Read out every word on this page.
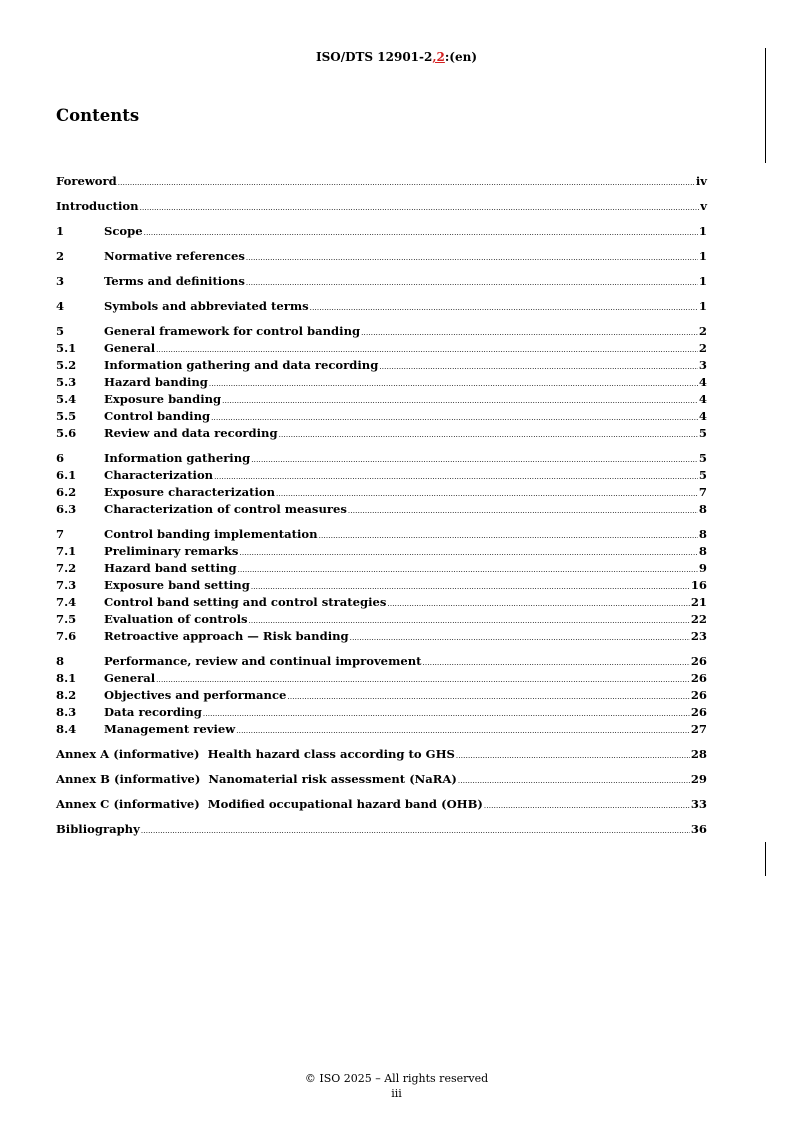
ISO/DTS 12901-2,2:(en)
Contents
Foreword .....	iv
Introduction .....	v
1	Scope .....	1
2	Normative references .....	1
3	Terms and definitions .....	1
4	Symbols and abbreviated terms .....	1
5	General framework for control banding .....	2
5.1	General .....	2
5.2	Information gathering and data recording .....	3
5.3	Hazard banding .....	4
5.4	Exposure banding .....	4
5.5	Control banding .....	4
5.6	Review and data recording .....	5
6	Information gathering .....	5
6.1	Characterization .....	5
6.2	Exposure characterization .....	7
6.3	Characterization of control measures .....	8
7	Control banding implementation .....	8
7.1	Preliminary remarks .....	8
7.2	Hazard band setting .....	9
7.3	Exposure band setting .....	16
7.4	Control band setting and control strategies .....	21
7.5	Evaluation of controls .....	22
7.6	Retroactive approach — Risk banding .....	23
8	Performance, review and continual improvement .....	26
8.1	General .....	26
8.2	Objectives and performance .....	26
8.3	Data recording .....	26
8.4	Management review .....	27
Annex A (informative)  Health hazard class according to GHS .....	28
Annex B (informative)  Nanomaterial risk assessment (NaRA) .....	29
Annex C (informative)  Modified occupational hazard band (OHB) .....	33
Bibliography .....	36
© ISO 2025 – All rights reserved
iii
